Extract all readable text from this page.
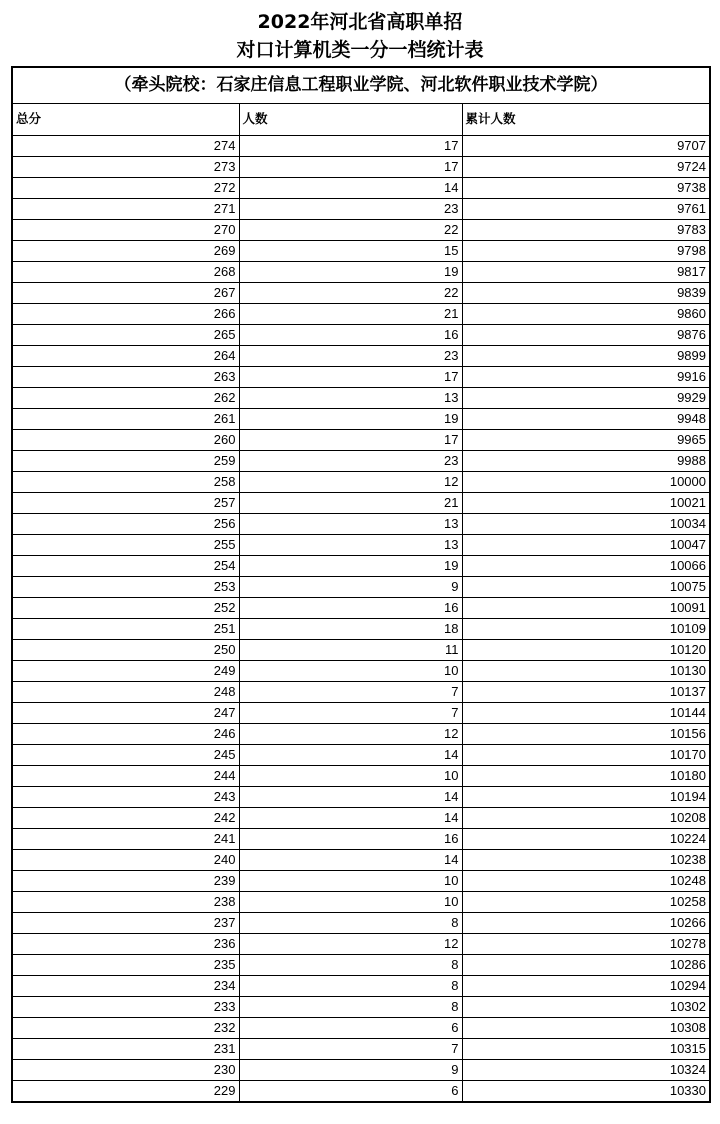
2022年河北省高职单招
对口计算机类一分一档统计表
（牵头院校：石家庄信息工程职业学院、河北软件职业技术学院）
总分	人数	累计人数
274	17	9707
273	17	9724
272	14	9738
271	23	9761
270	22	9783
269	15	9798
268	19	9817
267	22	9839
266	21	9860
265	16	9876
264	23	9899
263	17	9916
262	13	9929
261	19	9948
260	17	9965
259	23	9988
258	12	10000
257	21	10021
256	13	10034
255	13	10047
254	19	10066
253	9	10075
252	16	10091
251	18	10109
250	11	10120
249	10	10130
248	7	10137
247	7	10144
246	12	10156
245	14	10170
244	10	10180
243	14	10194
242	14	10208
241	16	10224
240	14	10238
239	10	10248
238	10	10258
237	8	10266
236	12	10278
235	8	10286
234	8	10294
233	8	10302
232	6	10308
231	7	10315
230	9	10324
229	6	10330
